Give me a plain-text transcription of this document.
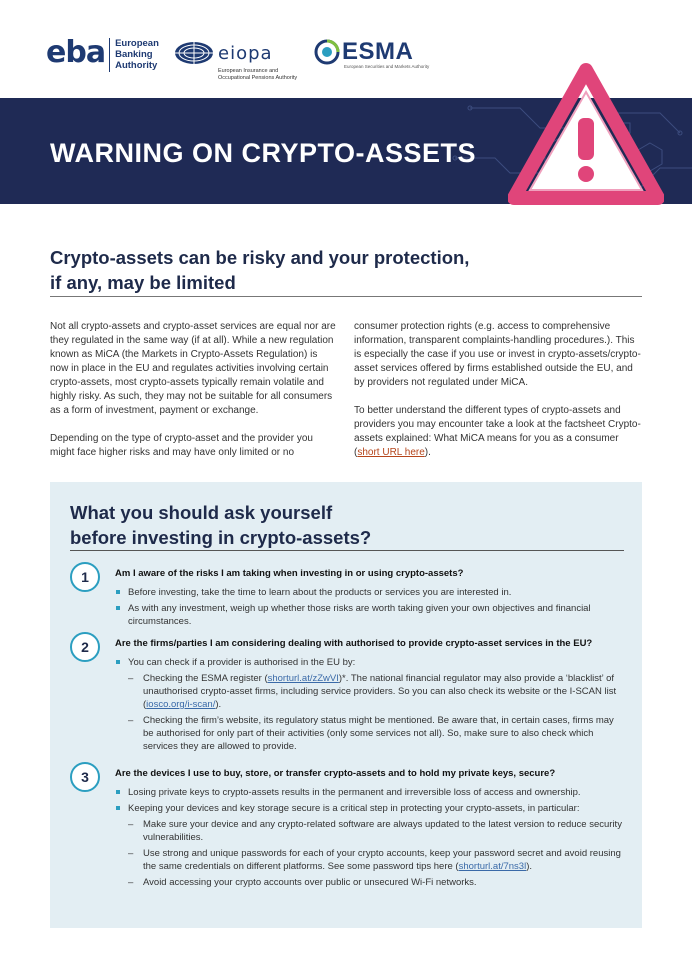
eba European
Banking
Authority
eiopa
European Insurance and
Occupational Pensions Authority
ESMA
European Securities and Markets Authority
WARNING ON CRYPTO-ASSETS
Crypto-assets can be risky and your protection,
if any, may be limited

Not all crypto-assets and crypto-asset services are equal nor are they regulated in the same way (if at all). While a new regulation known as MiCA (the Markets in Crypto-Assets Regulation) is now in place in the EU and regulates activities involving certain crypto-assets, most crypto-assets typically remain volatile and highly risky. As such, they may not be suitable for all consumers as a form of investment, payment or exchange.

Depending on the type of crypto-asset and the provider you might face higher risks and may have only limited or no

consumer protection rights (e.g. access to comprehensive information, transparent complaints-handling procedures.). This is especially the case if you use or invest in crypto-assets/crypto-asset services offered by firms established outside the EU, and by providers not regulated under MiCA.

To better understand the different types of crypto-assets and providers you may encounter take a look at the factsheet Crypto-assets explained: What MiCA means for you as a consumer (short URL here).

What you should ask yourself
before investing in crypto-assets?
1	Am I aware of the risks I am taking when investing in or using crypto-assets?
Before investing, take the time to learn about the products or services you are interested in.
As with any investment, weigh up whether those risks are worth taking given your own objectives and financial circumstances.
2	Are the firms/parties I am considering dealing with authorised to provide crypto-asset services in the EU?
You can check if a provider is authorised in the EU by:
– Checking the ESMA register (shorturl.at/zZwVI)*. The national financial regulator may also provide a ‘blacklist’ of unauthorised crypto-asset firms, including service providers. So you can also check its website or the I-SCAN list (iosco.org/i-scan/).
– Checking the firm’s website, its regulatory status might be mentioned. Be aware that, in certain cases, firms may be authorised for only part of their activities (only some services not all). So, make sure to also check which services they are allowed to provide.
3	Are the devices I use to buy, store, or transfer crypto-assets and to hold my private keys, secure?
Losing private keys to crypto-assets results in the permanent and irreversible loss of access and ownership.
Keeping your devices and key storage secure is a critical step in protecting your crypto-assets, in particular:
– Make sure your device and any crypto-related software are always updated to the latest version to reduce security vulnerabilities.
– Use strong and unique passwords for each of your crypto accounts, keep your password secret and avoid reusing the same credentials on different platforms. See some password tips here (shorturl.at/7ns3l).
– Avoid accessing your crypto accounts over public or unsecured Wi-Fi networks.
